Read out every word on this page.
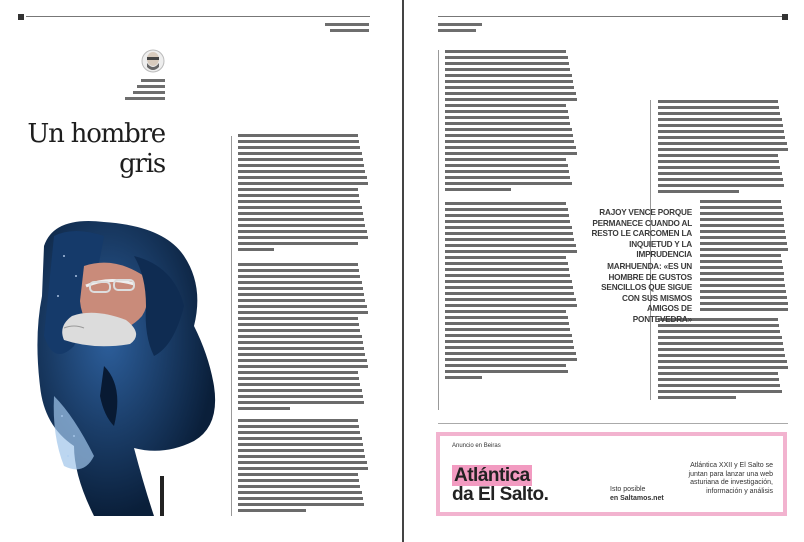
Un hombre
gris
RAJOY VENCE PORQUE PERMANECE CUANDO AL RESTO LE CARCOMEN LA INQUIETUD Y LA IMPRUDENCIA
MARHUENDA: «ES UN HOMBRE DE GUSTOS SENCILLOS QUE SIGUE CON SUS MISMOS AMIGOS DE PONTEVEDRA»
Anuncio en Beiras
Atlántica
da El Salto.	Isto posible
en Saltamos.net
Atlántica XXII y El Salto se juntan para lanzar una web asturiana de investigación, información y análisis
